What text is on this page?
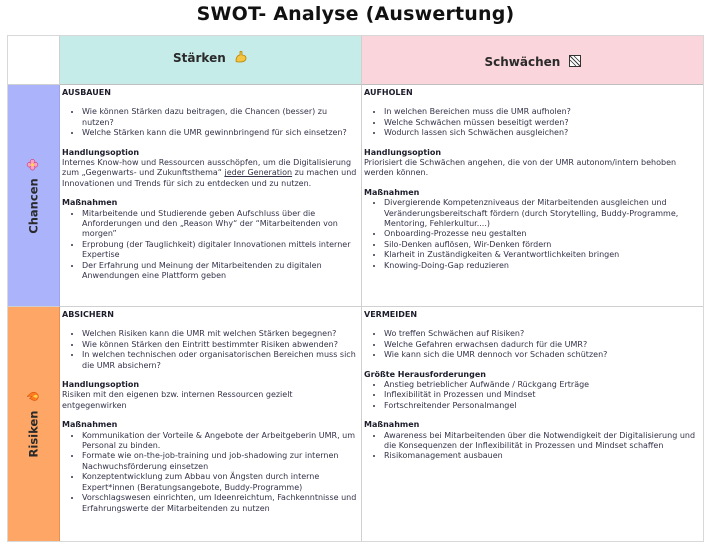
SWOT- Analyse (Auswertung)
Stärken	Schwächen
Chancen
Risiken
AUSBAUEN
• Wie können Stärken dazu beitragen, die Chancen (besser) zu nutzen?
• Welche Stärken kann die UMR gewinnbringend für sich einsetzen?
Handlungsoption

Internes Know-how und Ressourcen ausschöpfen, um die Digitalisierung zum „Gegenwarts- und Zukunftsthema“ jeder Generation zu machen und Innovationen und Trends für sich zu entdecken und zu nutzen.

Maßnahmen
• Mitarbeitende und Studierende geben Aufschluss über die Anforderungen und den „Reason Why“ der “Mitarbeitenden von morgen”
• Erprobung (der Tauglichkeit) digitaler Innovationen mittels interner Expertise
• Der Erfahrung und Meinung der Mitarbeitenden zu digitalen Anwendungen eine Plattform geben
AUFHOLEN
• In welchen Bereichen muss die UMR aufholen?
• Welche Schwächen müssen beseitigt werden?
• Wodurch lassen sich Schwächen ausgleichen?
Handlungsoption

Priorisiert die Schwächen angehen, die von der UMR autonom/intern behoben werden können.

Maßnahmen
• Divergierende Kompetenzniveaus der Mitarbeitenden ausgleichen und Veränderungsbereitschaft fördern (durch Storytelling, Buddy-Programme, Mentoring, Fehlerkultur....)
• Onboarding-Prozesse neu gestalten
• Silo-Denken auflösen, Wir-Denken fördern
• Klarheit in Zuständigkeiten & Verantwortlichkeiten bringen
• Knowing-Doing-Gap reduzieren
ABSICHERN
• Welchen Risiken kann die UMR mit welchen Stärken begegnen?
• Wie können Stärken den Eintritt bestimmter Risiken abwenden?
• In welchen technischen oder organisatorischen Bereichen muss sich die UMR absichern?
Handlungsoption

Risiken mit den eigenen bzw. internen Ressourcen gezielt entgegenwirken

Maßnahmen
• Kommunikation der Vorteile & Angebote der Arbeitgeberin UMR, um Personal zu binden.
• Formate wie on-the-job-training und job-shadowing zur internen Nachwuchsförderung einsetzen
• Konzeptentwicklung zum Abbau von Ängsten durch interne Expert*innen (Beratungsangebote, Buddy-Programme)
• Vorschlagswesen einrichten, um Ideenreichtum, Fachkenntnisse und Erfahrungswerte der Mitarbeitenden zu nutzen
VERMEIDEN
• Wo treffen Schwächen auf Risiken?
• Welche Gefahren erwachsen dadurch für die UMR?
• Wie kann sich die UMR dennoch vor Schaden schützen?
Größte Herausforderungen
• Anstieg betrieblicher Aufwände / Rückgang Erträge
• Inflexibilität in Prozessen und Mindset
• Fortschreitender Personalmangel
Maßnahmen
• Awareness bei Mitarbeitenden über die Notwendigkeit der Digitalisierung und die Konsequenzen der Inflexibilität in Prozessen und Mindset schaffen
• Risikomanagement ausbauen
